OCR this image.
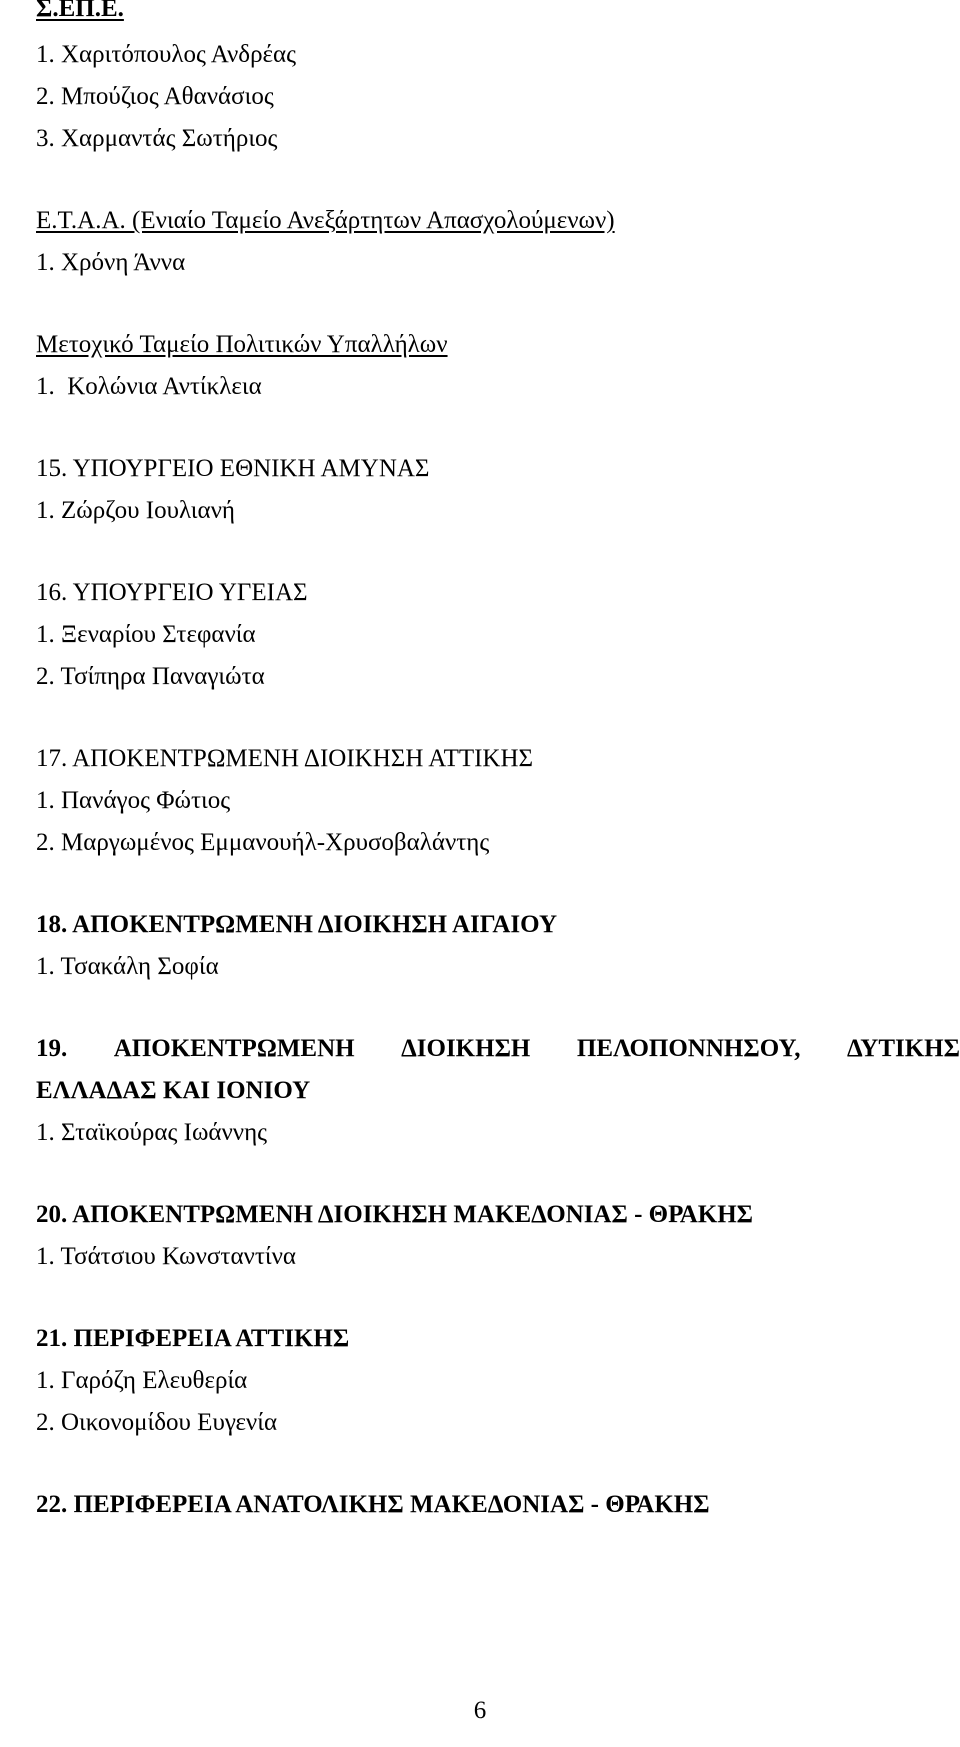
Σ.ΕΠ.Ε.
1. Χαριτόπουλος Ανδρέας
2. Μπούζιος Αθανάσιος
3. Χαρμαντάς Σωτήριος
Ε.Τ.Α.Α. (Ενιαίο Ταμείο Ανεξάρτητων Απασχολούμενων)
1. Χρόνη Άννα
Μετοχικό Ταμείο Πολιτικών Υπαλλήλων
1.  Κολώνια Αντίκλεια
15. ΥΠΟΥΡΓΕΙΟ ΕΘΝΙΚΗ ΑΜΥΝΑΣ
1. Ζώρζου Ιουλιανή
16. ΥΠΟΥΡΓΕΙΟ ΥΓΕΙΑΣ
1. Ξεναρίου Στεφανία
2. Τσίπηρα Παναγιώτα
17. ΑΠΟΚΕΝΤΡΩΜΕΝΗ ΔΙΟΙΚΗΣΗ ΑΤΤΙΚΗΣ
1. Πανάγος Φώτιος
2. Μαργωμένος Εμμανουήλ-Χρυσοβαλάντης
18. ΑΠΟΚΕΝΤΡΩΜΕΝΗ ΔΙΟΙΚΗΣΗ ΑΙΓΑΙΟΥ
1. Τσακάλη Σοφία
19. ΑΠΟΚΕΝΤΡΩΜΕΝΗ ΔΙΟΙΚΗΣΗ ΠΕΛΟΠΟΝΝΗΣΟΥ, ΔΥΤΙΚΗΣ
ΕΛΛΑΔΑΣ ΚΑΙ ΙΟΝΙΟΥ
1. Σταϊκούρας Ιωάννης
20. ΑΠΟΚΕΝΤΡΩΜΕΝΗ ΔΙΟΙΚΗΣΗ ΜΑΚΕΔΟΝΙΑΣ - ΘΡΑΚΗΣ
1. Τσάτσιου Κωνσταντίνα
21. ΠΕΡΙΦΕΡΕΙΑ ΑΤΤΙΚΗΣ
1. Γαρόζη Ελευθερία
2. Οικονομίδου Ευγενία
22. ΠΕΡΙΦΕΡΕΙΑ ΑΝΑΤΟΛΙΚΗΣ ΜΑΚΕΔΟΝΙΑΣ - ΘΡΑΚΗΣ
6
